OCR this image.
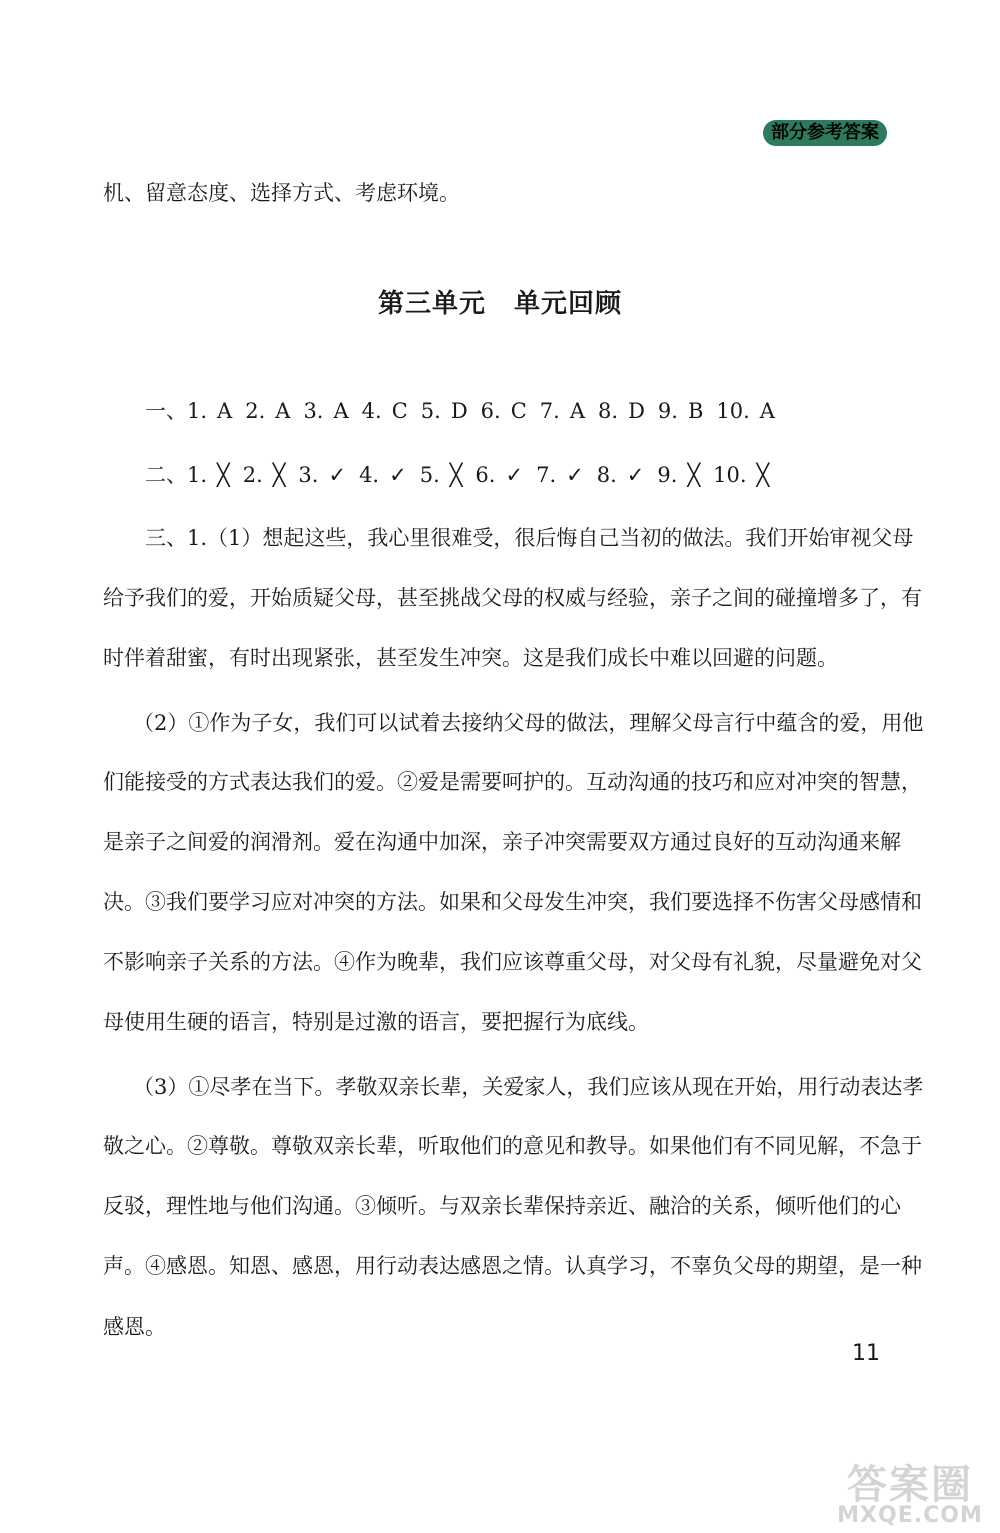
部分参考答案
机、留意态度、选择方式、考虑环境。
第三单元 单元回顾
一、1. A 2. A 3. A 4. C 5. D 6. C 7. A 8. D 9. B 10. A
二、1. ╳ 2. ╳ 3. ✓ 4. ✓ 5. ╳ 6. ✓ 7. ✓ 8. ✓ 9. ╳ 10. ╳
三、1.（1）想起这些，我心里很难受，很后悔自己当初的做法。我们开始审视父母
给予我们的爱，开始质疑父母，甚至挑战父母的权威与经验，亲子之间的碰撞增多了，有
时伴着甜蜜，有时出现紧张，甚至发生冲突。这是我们成长中难以回避的问题。
（2）①作为子女，我们可以试着去接纳父母的做法，理解父母言行中蕴含的爱，用他
们能接受的方式表达我们的爱。②爱是需要呵护的。互动沟通的技巧和应对冲突的智慧，
是亲子之间爱的润滑剂。爱在沟通中加深，亲子冲突需要双方通过良好的互动沟通来解
决。③我们要学习应对冲突的方法。如果和父母发生冲突，我们要选择不伤害父母感情和
不影响亲子关系的方法。④作为晚辈，我们应该尊重父母，对父母有礼貌，尽量避免对父
母使用生硬的语言，特别是过激的语言，要把握行为底线。
（3）①尽孝在当下。孝敬双亲长辈，关爱家人，我们应该从现在开始，用行动表达孝
敬之心。②尊敬。尊敬双亲长辈，听取他们的意见和教导。如果他们有不同见解，不急于
反驳，理性地与他们沟通。③倾听。与双亲长辈保持亲近、融洽的关系，倾听他们的心
声。④感恩。知恩、感恩，用行动表达感恩之情。认真学习，不辜负父母的期望，是一种
感恩。
11
答案圈
MXQE.COM
